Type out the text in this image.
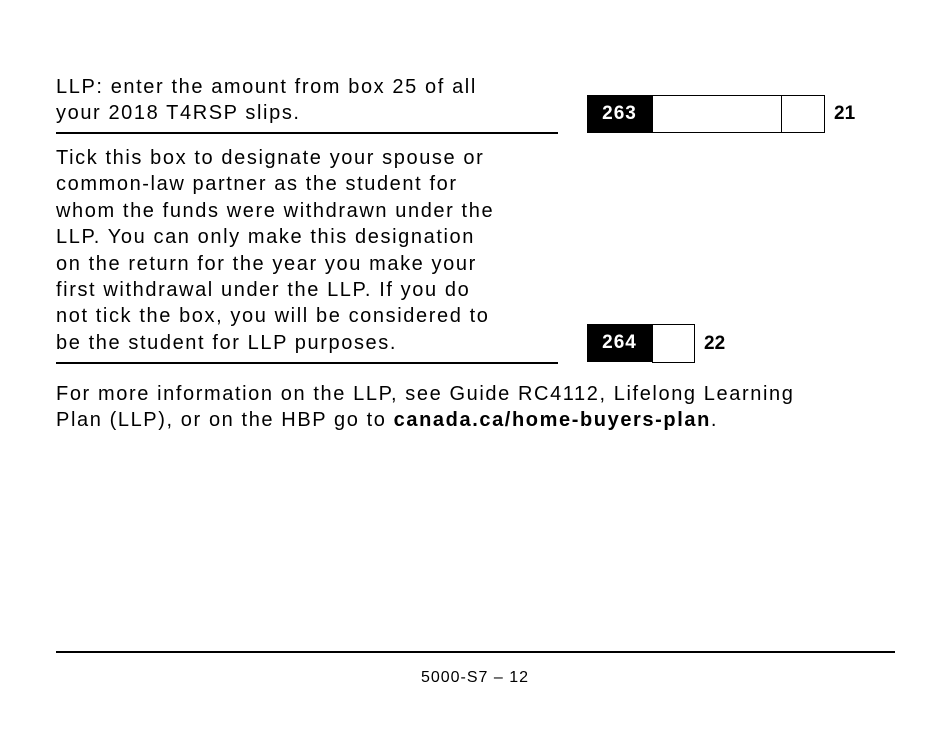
LLP: enter the amount from box 25 of all
your 2018 T4RSP slips.	263	21
Tick this box to designate your spouse or
common-law partner as the student for
whom the funds were withdrawn under the
LLP. You can only make this designation
on the return for the year you make your
first withdrawal under the LLP. If you do
not tick the box, you will be considered to
be the student for LLP purposes.	264	22
For more information on the LLP, see Guide RC4112, Lifelong Learning
Plan (LLP), or on the HBP go to canada.ca/home-buyers-plan.
5000-S7 – 12
